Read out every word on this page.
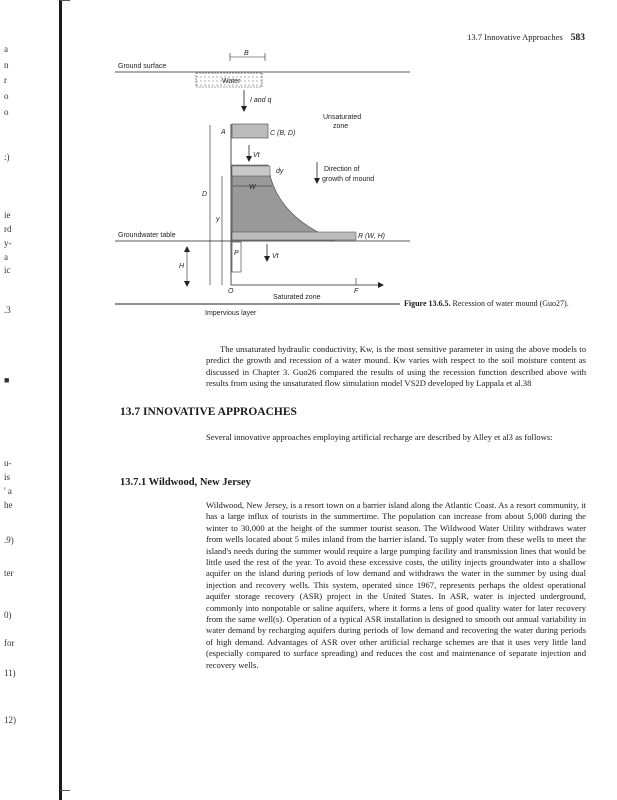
a
n
r
o
o
:)
ie
rd
y-
a
ic
.3
■
u-
is
' a
he
.9)
ter
0)
for
11)
12)
13.7 Innovative Approaches 583
Ground surface
B
Water
I and q
Unsaturated
zone
C (B, D)
A
Vt
Direction of
growth of mound
dy
W
D
y
Groundwater table	R (W, H)
P	Vt
H
O	F
Saturated zone
Impervious layer
Figure 13.6.5. Recession of water mound (Guo27).
The unsaturated hydraulic conductivity, Kw, is the most sensitive parameter in using the above models to predict the growth and recession of a water mound. Kw varies with respect to the soil moisture content as discussed in Chapter 3. Guo26 compared the results of using the recession function described above with results from using the unsaturated flow simulation model VS2D developed by Lappala et al.38
13.7 INNOVATIVE APPROACHES
Several innovative approaches employing artificial recharge are described by Alley et al3 as follows:
13.7.1 Wildwood, New Jersey
Wildwood, New Jersey, is a resort town on a barrier island along the Atlantic Coast. As a resort community, it has a large influx of tourists in the summertime. The population can increase from about 5,000 during the winter to 30,000 at the height of the summer tourist season. The Wildwood Water Utility withdraws water from wells located about 5 miles inland from the barrier island. To supply water from these wells to meet the island's needs during the summer would require a large pumping facility and transmission lines that would be little used the rest of the year. To avoid these excessive costs, the utility injects groundwater into a shallow aquifer on the island during periods of low demand and withdraws the water in the summer by using dual injection and recovery wells. This system, operated since 1967, represents perhaps the oldest operational aquifer storage recovery (ASR) project in the United States. In ASR, water is injected underground, commonly into nonpotable or saline aquifers, where it forms a lens of good quality water for later recovery from the same well(s). Operation of a typical ASR installation is designed to smooth out annual variability in water demand by recharging aquifers during periods of low demand and recovering the water during periods of high demand. Advantages of ASR over other artificial recharge schemes are that it uses very little land (especially compared to surface spreading) and reduces the cost and maintenance of separate injection and recovery wells.
